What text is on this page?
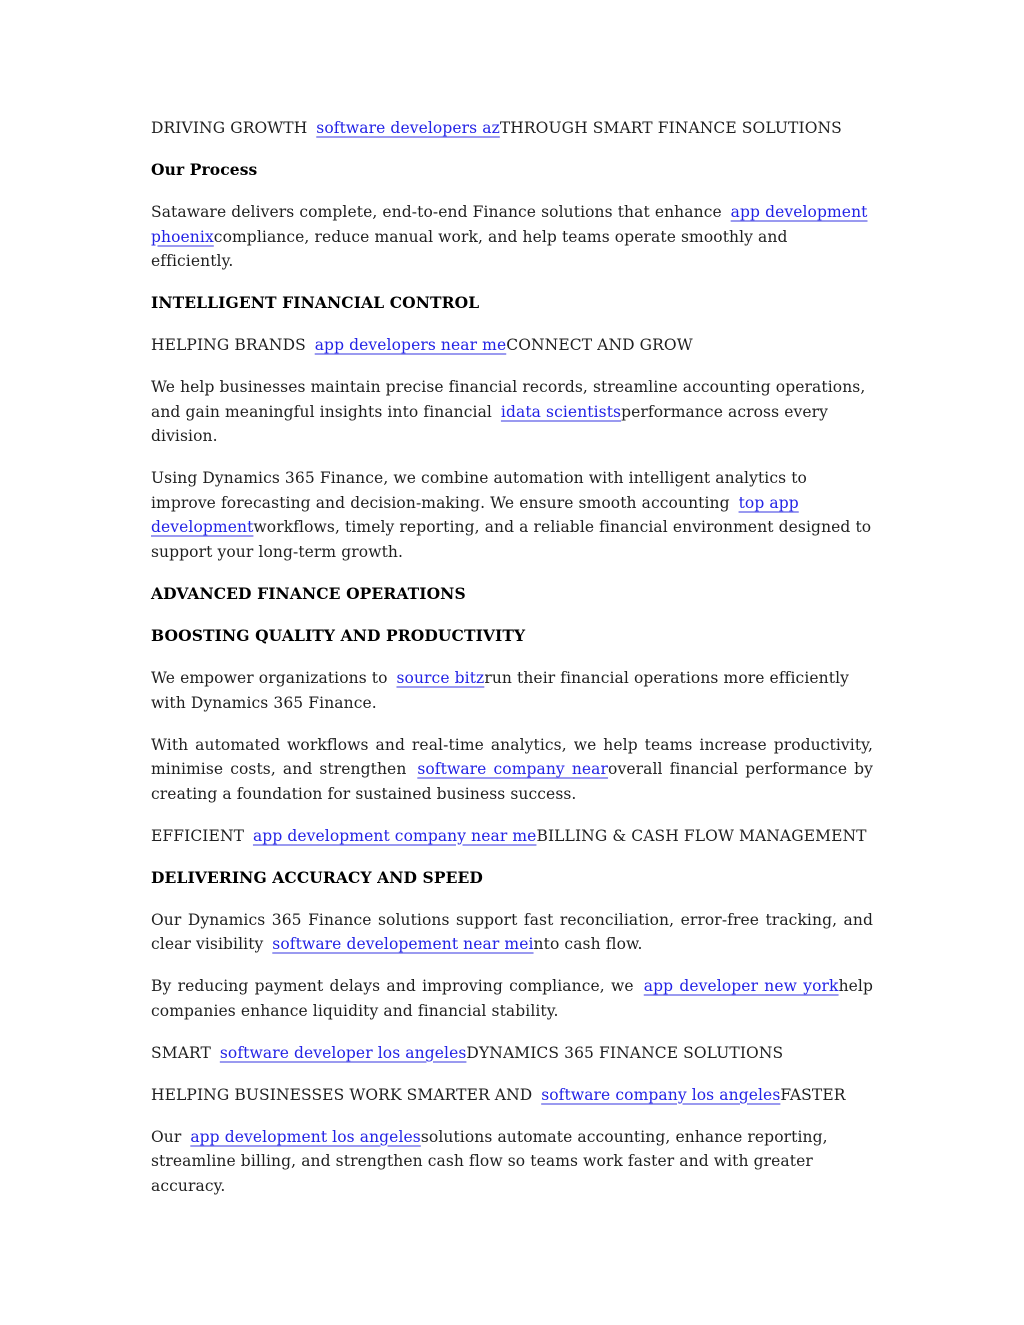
DRIVING GROWTH software developers azTHROUGH SMART FINANCE SOLUTIONS

Our Process

Sataware delivers complete, end-to-end Finance solutions that enhance app development phoenixcompliance, reduce manual work, and help teams operate smoothly and efficiently.

INTELLIGENT FINANCIAL CONTROL

HELPING BRANDS app developers near meCONNECT AND GROW

We help businesses maintain precise financial records, streamline accounting operations, and gain meaningful insights into financial idata scientistsperformance across every division.

Using Dynamics 365 Finance, we combine automation with intelligent analytics to improve forecasting and decision-making. We ensure smooth accounting top app developmentworkflows, timely reporting, and a reliable financial environment designed to support your long-term growth.

ADVANCED FINANCE OPERATIONS

BOOSTING QUALITY AND PRODUCTIVITY

We empower organizations to source bitzrun their financial operations more efficiently with Dynamics 365 Finance.

With automated workflows and real-time analytics, we help teams increase productivity, minimise costs, and strengthen software company nearoverall financial performance by creating a foundation for sustained business success.

EFFICIENT app development company near meBILLING & CASH FLOW MANAGEMENT

DELIVERING ACCURACY AND SPEED

Our Dynamics 365 Finance solutions support fast reconciliation, error-free tracking, and clear visibility software developement near meinto cash flow.

By reducing payment delays and improving compliance, we app developer new yorkhelp companies enhance liquidity and financial stability.

SMART software developer los angelesDYNAMICS 365 FINANCE SOLUTIONS

HELPING BUSINESSES WORK SMARTER AND software company los angelesFASTER

Our app development los angelessolutions automate accounting, enhance reporting, streamline billing, and strengthen cash flow so teams work faster and with greater accuracy.
